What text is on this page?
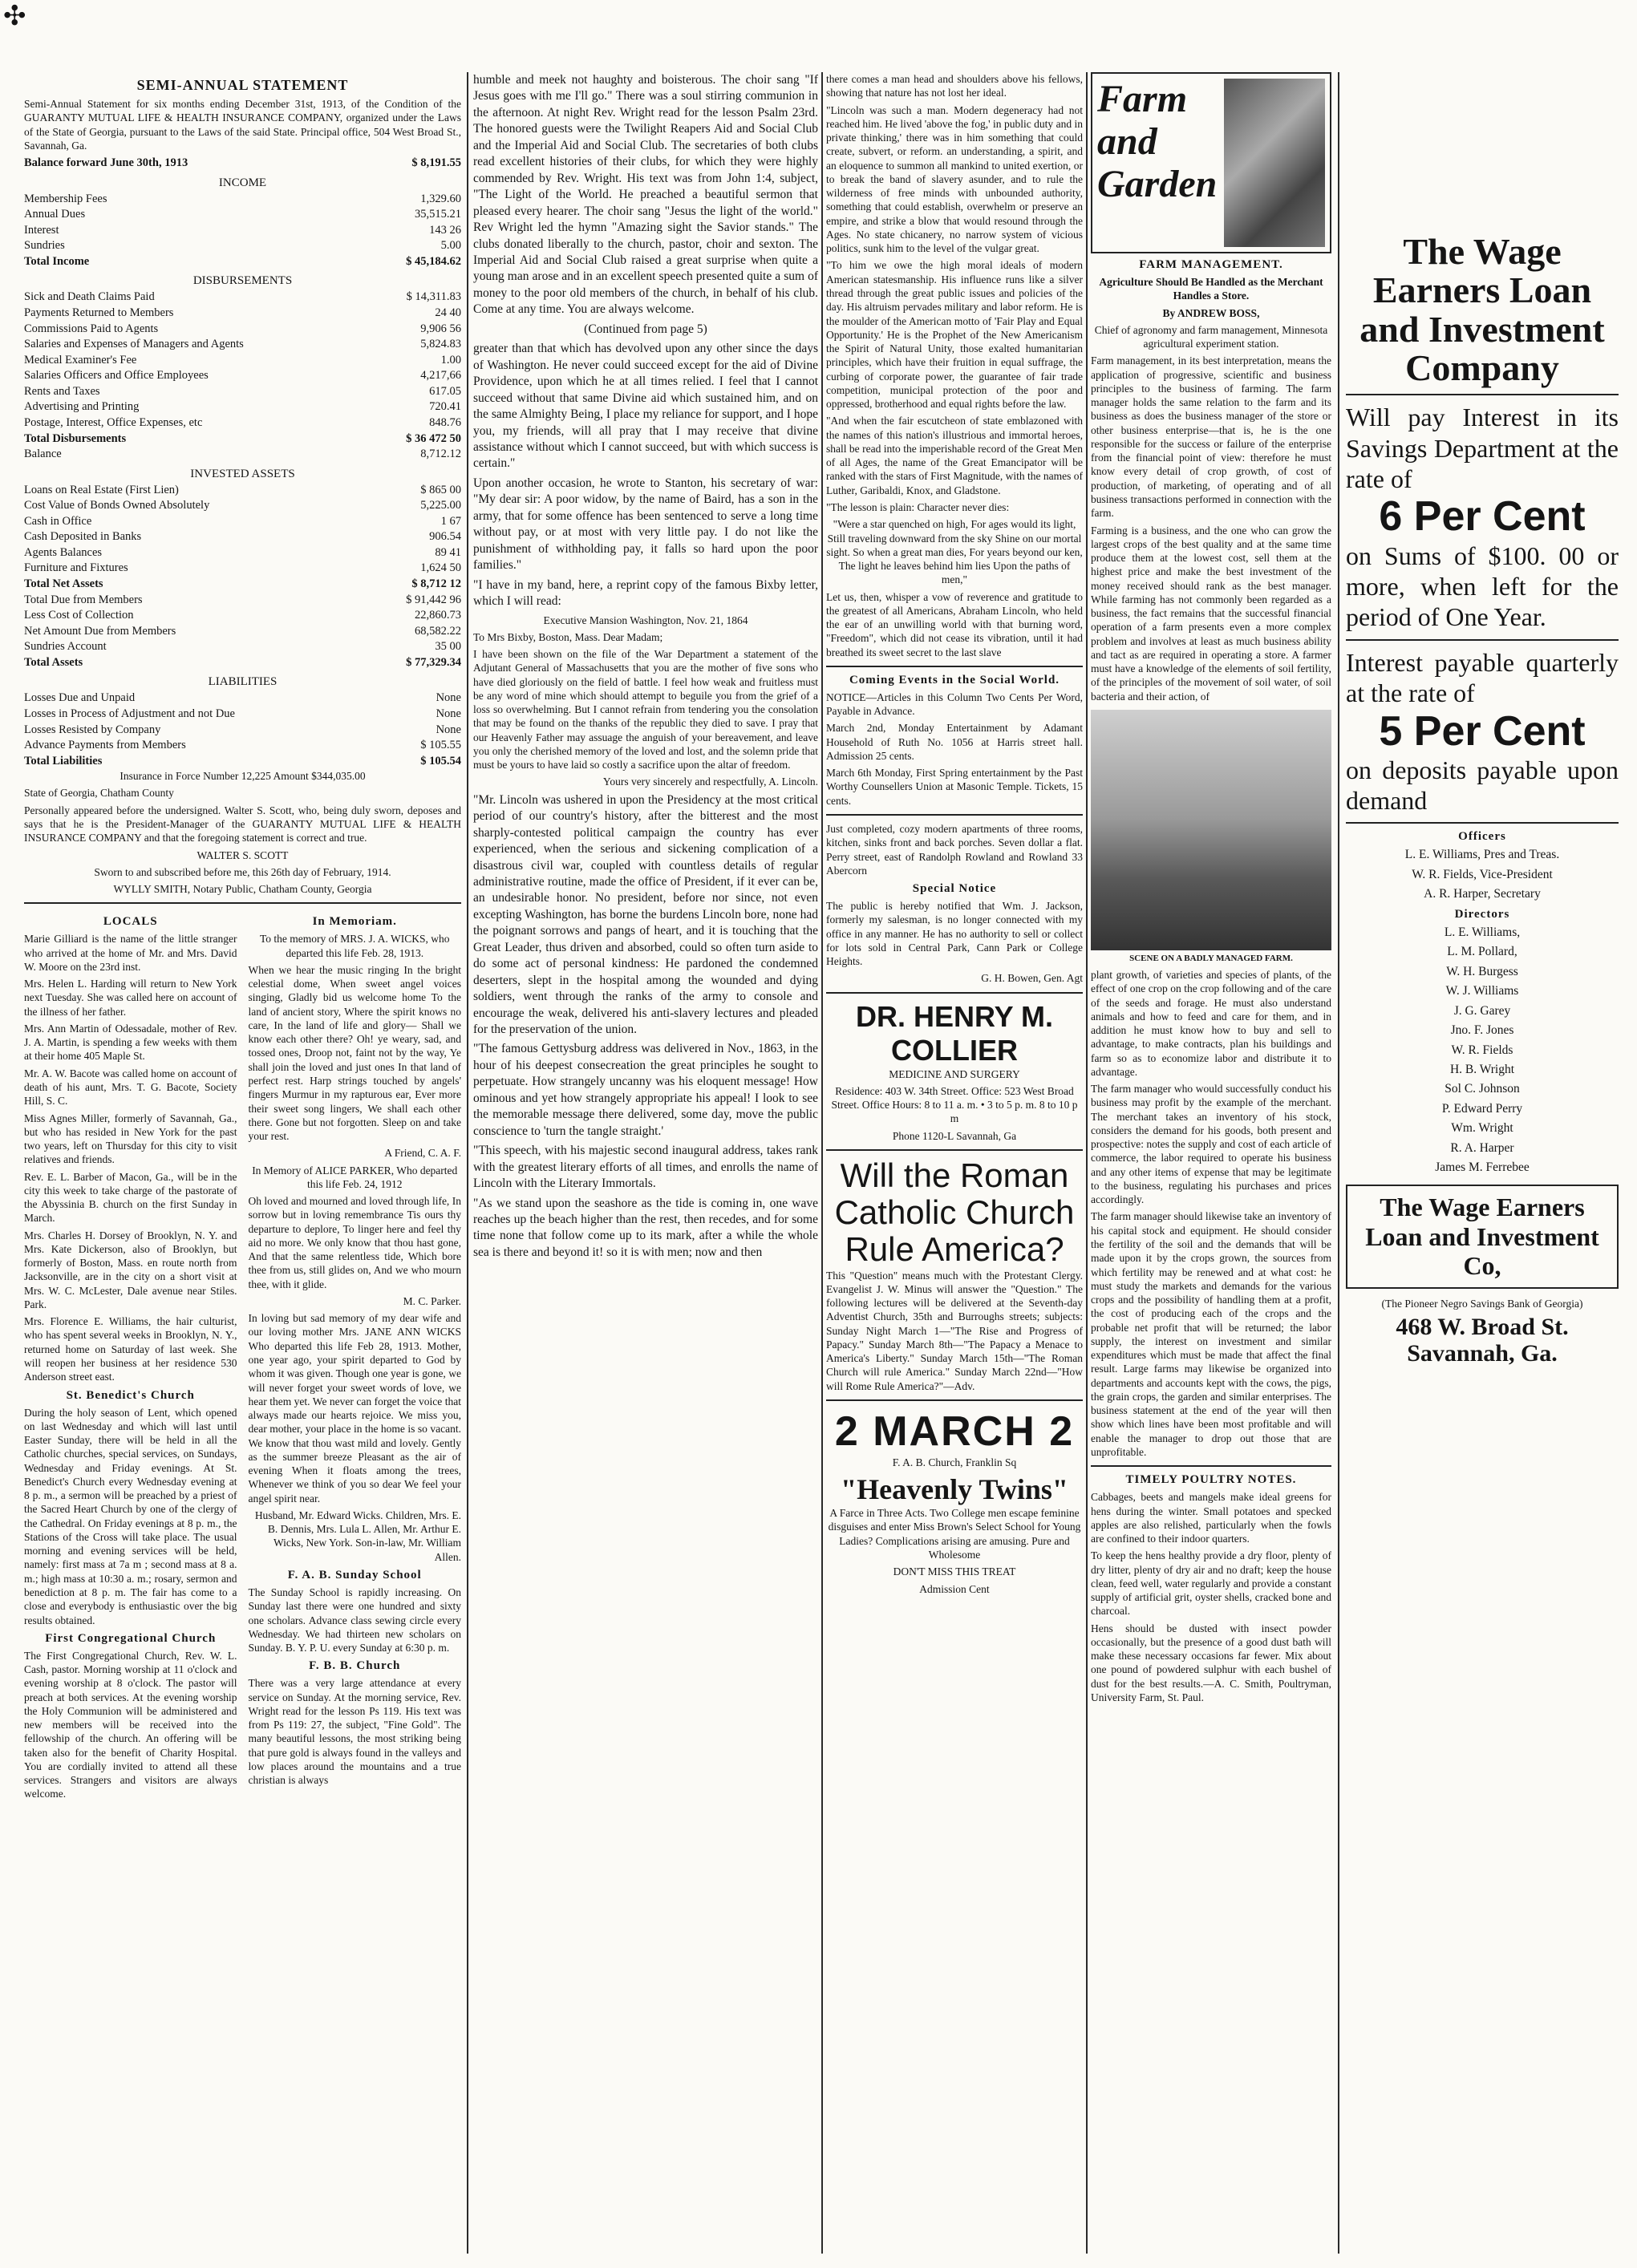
✣
SEMI-ANNUAL STATEMENT
Semi-Annual Statement for six months ending December 31st, 1913, of the Condition of the GUARANTY MUTUAL LIFE & HEALTH INSURANCE COMPANY, organized under the Laws of the State of Georgia, pursuant to the Laws of the said State. Principal office, 504 West Broad St., Savannah, Ga.
Balance forward June 30th, 1913	$ 8,191.55
INCOME
Membership Fees	1,329.60
Annual Dues	35,515.21
Interest	143 26
Sundries	5.00
Total Income	$ 45,184.62
DISBURSEMENTS
Sick and Death Claims Paid	$ 14,311.83
Payments Returned to Members	24 40
Commissions Paid to Agents	9,906 56
Salaries and Expenses of Managers and Agents	5,824.83
Medical Examiner's Fee	1.00
Salaries Officers and Office Employees	4,217,66
Rents and Taxes	617.05
Advertising and Printing	720.41
Postage, Interest, Office Expenses, etc	848.76
Total Disbursements	$ 36 472 50
Balance	8,712.12
INVESTED ASSETS
Loans on Real Estate (First Lien)	$ 865 00
Cost Value of Bonds Owned Absolutely	5,225.00
Cash in Office	1 67
Cash Deposited in Banks	906.54
Agents Balances	89 41
Furniture and Fixtures	1,624 50
Total Net Assets	$ 8,712 12
Total Due from Members	$ 91,442 96
Less Cost of Collection	22,860.73
Net Amount Due from Members	68,582.22
Sundries Account	35 00
Total Assets	$ 77,329.34
LIABILITIES
Losses Due and Unpaid	None
Losses in Process of Adjustment and not Due	None
Losses Resisted by Company	None
Advance Payments from Members	$ 105.55
Total Liabilities	$ 105.54
Insurance in Force Number 12,225 Amount $344,035.00
State of Georgia, Chatham County
Personally appeared before the undersigned. Walter S. Scott, who, being duly sworn, deposes and says that he is the President-Manager of the GUARANTY MUTUAL LIFE & HEALTH INSURANCE COMPANY and that the foregoing statement is correct and true.
WALTER S. SCOTT
Sworn to and subscribed before me, this 26th day of February, 1914.
WYLLY SMITH, Notary Public, Chatham County, Georgia
LOCALS
Marie Gilliard is the name of the little stranger who arrived at the home of Mr. and Mrs. David W. Moore on the 23rd inst.
Mrs. Helen L. Harding will return to New York next Tuesday. She was called here on account of the illness of her father.
Mrs. Ann Martin of Odessadale, mother of Rev. J. A. Martin, is spending a few weeks with them at their home 405 Maple St.
Mr. A. W. Bacote was called home on account of death of his aunt, Mrs. T. G. Bacote, Society Hill, S. C.
Miss Agnes Miller, formerly of Savannah, Ga., but who has resided in New York for the past two years, left on Thursday for this city to visit relatives and friends.
Rev. E. L. Barber of Macon, Ga., will be in the city this week to take charge of the pastorate of the Abyssinia B. church on the first Sunday in March.
Mrs. Charles H. Dorsey of Brooklyn, N. Y. and Mrs. Kate Dickerson, also of Brooklyn, but formerly of Boston, Mass. en route north from Jacksonville, are in the city on a short visit at Mrs. W. C. McLester, Dale avenue near Stiles. Park.
Mrs. Florence E. Williams, the hair culturist, who has spent several weeks in Brooklyn, N. Y., returned home on Saturday of last week. She will reopen her business at her residence 530 Anderson street east.
St. Benedict's Church
During the holy season of Lent, which opened on last Wednesday and which will last until Easter Sunday, there will be held in all the Catholic churches, special services, on Sundays, Wednesday and Friday evenings. At St. Benedict's Church every Wednesday evening at 8 p. m., a sermon will be preached by a priest of the Sacred Heart Church by one of the clergy of the Cathedral. On Friday evenings at 8 p. m., the Stations of the Cross will take place. The usual morning and evening services will be held, namely: first mass at 7a m ; second mass at 8 a. m.; high mass at 10:30 a. m.; rosary, sermon and benediction at 8 p. m. The fair has come to a close and everybody is enthusiastic over the big results obtained.
First Congregational Church
The First Congregational Church, Rev. W. L. Cash, pastor. Morning worship at 11 o'clock and evening worship at 8 o'clock. The pastor will preach at both services. At the evening worship the Holy Communion will be administered and new members will be received into the fellowship of the church. An offering will be taken also for the benefit of Charity Hospital. You are cordially invited to attend all these services. Strangers and visitors are always welcome.
In Memoriam.
To the memory of MRS. J. A. WICKS, who departed this life Feb. 28, 1913.
When we hear the music ringing In the bright celestial dome, When sweet angel voices singing, Gladly bid us welcome home To the land of ancient story, Where the spirit knows no care, In the land of life and glory— Shall we know each other there? Oh! ye weary, sad, and tossed ones, Droop not, faint not by the way, Ye shall join the loved and just ones In that land of perfect rest. Harp strings touched by angels' fingers Murmur in my rapturous ear, Ever more their sweet song lingers, We shall each other there. Gone but not forgotten. Sleep on and take your rest.
A Friend, C. A. F.
In Memory of ALICE PARKER, Who departed this life Feb. 24, 1912
Oh loved and mourned and loved through life, In sorrow but in loving remembrance Tis ours thy departure to deplore, To linger here and feel thy aid no more. We only know that thou hast gone, And that the same relentless tide, Which bore thee from us, still glides on, And we who mourn thee, with it glide.
M. C. Parker.
In loving but sad memory of my dear wife and our loving mother Mrs. JANE ANN WICKS Who departed this life Feb 28, 1913. Mother, one year ago, your spirit departed to God by whom it was given. Though one year is gone, we will never forget your sweet words of love, we hear them yet. We never can forget the voice that always made our hearts rejoice. We miss you, dear mother, your place in the home is so vacant. We know that thou wast mild and lovely. Gently as the summer breeze Pleasant as the air of evening When it floats among the trees, Whenever we think of you so dear We feel your angel spirit near.
Husband, Mr. Edward Wicks. Children, Mrs. E. B. Dennis, Mrs. Lula L. Allen, Mr. Arthur E. Wicks, New York. Son-in-law, Mr. William Allen.
F. A. B. Sunday School
The Sunday School is rapidly increasing. On Sunday last there were one hundred and sixty one scholars. Advance class sewing circle every Wednesday. We had thirteen new scholars on Sunday. B. Y. P. U. every Sunday at 6:30 p. m.
F. B. B. Church
There was a very large attendance at every service on Sunday. At the morning service, Rev. Wright read for the lesson Ps 119. His text was from Ps 119: 27, the subject, "Fine Gold". The many beautiful lessons, the most striking being that pure gold is always found in the valleys and low places around the mountains and a true christian is always
humble and meek not haughty and boisterous. The choir sang "If Jesus goes with me I'll go." There was a soul stirring communion in the afternoon. At night Rev. Wright read for the lesson Psalm 23rd. The honored guests were the Twilight Reapers Aid and Social Club and the Imperial Aid and Social Club. The secretaries of both clubs read excellent histories of their clubs, for which they were highly commended by Rev. Wright. His text was from John 1:4, subject, "The Light of the World. He preached a beautiful sermon that pleased every hearer. The choir sang "Jesus the light of the world." Rev Wright led the hymn "Amazing sight the Savior stands." The clubs donated liberally to the church, pastor, choir and sexton. The Imperial Aid and Social Club raised a great surprise when quite a young man arose and in an excellent speech presented quite a sum of money to the poor old members of the church, in behalf of his club. Come at any time. You are always welcome.
(Continued from page 5)
greater than that which has devolved upon any other since the days of Washington. He never could succeed except for the aid of Divine Providence, upon which he at all times relied. I feel that I cannot succeed without that same Divine aid which sustained him, and on the same Almighty Being, I place my reliance for support, and I hope you, my friends, will all pray that I may receive that divine assistance without which I cannot succeed, but with which success is certain."
Upon another occasion, he wrote to Stanton, his secretary of war: "My dear sir: A poor widow, by the name of Baird, has a son in the army, that for some offence has been sentenced to serve a long time without pay, or at most with very little pay. I do not like the punishment of withholding pay, it falls so hard upon the poor families."
"I have in my band, here, a reprint copy of the famous Bixby letter, which I will read:
Executive Mansion Washington, Nov. 21, 1864
To Mrs Bixby, Boston, Mass. Dear Madam;
I have been shown on the file of the War Department a statement of the Adjutant General of Massachusetts that you are the mother of five sons who have died gloriously on the field of battle. I feel how weak and fruitless must be any word of mine which should attempt to beguile you from the grief of a loss so overwhelming. But I cannot refrain from tendering you the consolation that may be found on the thanks of the republic they died to save. I pray that our Heavenly Father may assuage the anguish of your bereavement, and leave you only the cherished memory of the loved and lost, and the solemn pride that must be yours to have laid so costly a sacrifice upon the altar of freedom.
Yours very sincerely and respectfully, A. Lincoln.
"Mr. Lincoln was ushered in upon the Presidency at the most critical period of our country's history, after the bitterest and the most sharply-contested political campaign the country has ever experienced, when the serious and sickening complication of a disastrous civil war, coupled with countless details of regular administrative routine, made the office of President, if it ever can be, an undesirable honor. No president, before nor since, not even excepting Washington, has borne the burdens Lincoln bore, none had the poignant sorrows and pangs of heart, and it is touching that the Great Leader, thus driven and absorbed, could so often turn aside to do some act of personal kindness: He pardoned the condemned deserters, slept in the hospital among the wounded and dying soldiers, went through the ranks of the army to console and encourage the weak, delivered his anti-slavery lectures and pleaded for the preservation of the union.
"The famous Gettysburg address was delivered in Nov., 1863, in the hour of his deepest consecreation the great principles he sought to perpetuate. How strangely uncanny was his eloquent message! How ominous and yet how strangely appropriate his appeal! I look to see the memorable message there delivered, some day, move the public conscience to 'turn the tangle straight.'
"This speech, with his majestic second inaugural address, takes rank with the greatest literary efforts of all times, and enrolls the name of Lincoln with the Literary Immortals.
"As we stand upon the seashore as the tide is coming in, one wave reaches up the beach higher than the rest, then recedes, and for some time none that follow come up to its mark, after a while the whole sea is there and beyond it! so it is with men; now and then
there comes a man head and shoulders above his fellows, showing that nature has not lost her ideal.
"Lincoln was such a man. Modern degeneracy had not reached him. He lived 'above the fog,' in public duty and in private thinking,' there was in him something that could create, subvert, or reform. an understanding, a spirit, and an eloquence to summon all mankind to united exertion, or to break the band of slavery asunder, and to rule the wilderness of free minds with unbounded authority, something that could establish, overwhelm or preserve an empire, and strike a blow that would resound through the Ages. No state chicanery, no narrow system of vicious politics, sunk him to the level of the vulgar great.
"To him we owe the high moral ideals of modern American statesmanship. His influence runs like a silver thread through the great public issues and policies of the day. His altruism pervades military and labor reform. He is the moulder of the American motto of 'Fair Play and Equal Opportunity.' He is the Prophet of the New Americanism the Spirit of Natural Unity, those exalted humanitarian principles, which have their fruition in equal suffrage, the curbing of corporate power, the guarantee of fair trade competition, municipal protection of the poor and oppressed, brotherhood and equal rights before the law.
"And when the fair escutcheon of state emblazoned with the names of this nation's illustrious and immortal heroes, shall be read into the imperishable record of the Great Men of all Ages, the name of the Great Emancipator will be ranked with the stars of First Magnitude, with the names of Luther, Garibaldi, Knox, and Gladstone.
"The lesson is plain: Character never dies:
"Were a star quenched on high, For ages would its light, Still traveling downward from the sky Shine on our mortal sight. So when a great man dies, For years beyond our ken, The light he leaves behind him lies Upon the paths of men,"
Let us, then, whisper a vow of reverence and gratitude to the greatest of all Americans, Abraham Lincoln, who held the ear of an unwilling world with that burning word, "Freedom", which did not cease its vibration, until it had breathed its sweet secret to the last slave
Coming Events in the Social World.
NOTICE—Articles in this Column Two Cents Per Word, Payable in Advance.
March 2nd, Monday Entertainment by Adamant Household of Ruth No. 1056 at Harris street hall. Admission 25 cents.
March 6th Monday, First Spring entertainment by the Past Worthy Counsellers Union at Masonic Temple. Tickets, 15 cents.
Just completed, cozy modern apartments of three rooms, kitchen, sinks front and back porches. Seven dollar a flat. Perry street, east of Randolph Rowland and Rowland 33 Abercorn
Special Notice
The public is hereby notified that Wm. J. Jackson, formerly my salesman, is no longer connected with my office in any manner. He has no authority to sell or collect for lots sold in Central Park, Cann Park or College Heights.
G. H. Bowen, Gen. Agt
DR. HENRY M. COLLIER
MEDICINE AND SURGERY
Residence: 403 W. 34th Street. Office: 523 West Broad Street. Office Hours: 8 to 11 a. m. • 3 to 5 p. m. 8 to 10 p m
Phone 1120-L Savannah, Ga
Will the Roman Catholic Church Rule America?
This "Question" means much with the Protestant Clergy. Evangelist J. W. Minus will answer the "Question." The following lectures will be delivered at the Seventh-day Adventist Church, 35th and Burroughs streets; subjects: Sunday Night March 1—"The Rise and Progress of Papacy." Sunday March 8th—"The Papacy a Menace to America's Liberty." Sunday March 15th—"The Roman Church will rule America." Sunday March 22nd—"How will Rome Rule America?"—Adv.
2 MARCH 2
F. A. B. Church, Franklin Sq
"Heavenly Twins"
A Farce in Three Acts. Two College men escape feminine disguises and enter Miss Brown's Select School for Young Ladies? Complications arising are amusing. Pure and Wholesome
DON'T MISS THIS TREAT
Admission Cent
Farm and Garden
FARM MANAGEMENT.
Agriculture Should Be Handled as the Merchant Handles a Store.
By ANDREW BOSS,
Chief of agronomy and farm management, Minnesota agricultural experiment station.
Farm management, in its best interpretation, means the application of progressive, scientific and business principles to the business of farming. The farm manager holds the same relation to the farm and its business as does the business manager of the store or other business enterprise—that is, he is the one responsible for the success or failure of the enterprise from the financial point of view: therefore he must know every detail of crop growth, of cost of production, of marketing, of operating and of all business transactions performed in connection with the farm.
Farming is a business, and the one who can grow the largest crops of the best quality and at the same time produce them at the lowest cost, sell them at the highest price and make the best investment of the money received should rank as the best manager. While farming has not commonly been regarded as a business, the fact remains that the successful financial operation of a farm presents even a more complex problem and involves at least as much business ability and tact as are required in operating a store. A farmer must have a knowledge of the elements of soil fertility, of the principles of the movement of soil water, of soil bacteria and their action, of
SCENE ON A BADLY MANAGED FARM.
plant growth, of varieties and species of plants, of the effect of one crop on the crop following and of the care of the seeds and forage. He must also understand animals and how to feed and care for them, and in addition he must know how to buy and sell to advantage, to make contracts, plan his buildings and farm so as to economize labor and distribute it to advantage.
The farm manager who would successfully conduct his business may profit by the example of the merchant. The merchant takes an inventory of his stock, considers the demand for his goods, both present and prospective: notes the supply and cost of each article of commerce, the labor required to operate his business and any other items of expense that may be legitimate to the business, regulating his purchases and prices accordingly.
The farm manager should likewise take an inventory of his capital stock and equipment. He should consider the fertility of the soil and the demands that will be made upon it by the crops grown, the sources from which fertility may be renewed and at what cost: he must study the markets and demands for the various crops and the possibility of handling them at a profit, the cost of producing each of the crops and the probable net profit that will be returned; the labor supply, the interest on investment and similar expenditures which must be made that affect the final result. Large farms may likewise be organized into departments and accounts kept with the cows, the pigs, the grain crops, the garden and similar enterprises. The business statement at the end of the year will then show which lines have been most profitable and will enable the manager to drop out those that are unprofitable.
TIMELY POULTRY NOTES.
Cabbages, beets and mangels make ideal greens for hens during the winter. Small potatoes and specked apples are also relished, particularly when the fowls are confined to their indoor quarters.
To keep the hens healthy provide a dry floor, plenty of dry litter, plenty of dry air and no draft; keep the house clean, feed well, water regularly and provide a constant supply of artificial grit, oyster shells, cracked bone and charcoal.
Hens should be dusted with insect powder occasionally, but the presence of a good dust bath will make these necessary occasions far fewer. Mix about one pound of powdered sulphur with each bushel of dust for the best results.—A. C. Smith, Poultryman, University Farm, St. Paul.
The Wage Earners Loan and Investment Company
Will pay Interest in its Savings Department at the rate of
6 Per Cent
on Sums of $100. 00 or more, when left for the period of One Year.
Interest payable quarterly at the rate of
5 Per Cent
on deposits payable upon demand
Officers
L. E. Williams, Pres and Treas.
W. R. Fields, Vice-President
A. R. Harper, Secretary
Directors
L. E. Williams,
L. M. Pollard,
W. H. Burgess
W. J. Williams
J. G. Garey
Jno. F. Jones
W. R. Fields
H. B. Wright
Sol C. Johnson
P. Edward Perry
Wm. Wright
R. A. Harper
James M. Ferrebee
The Wage Earners Loan and Investment Co,
(The Pioneer Negro Savings Bank of Georgia)
468 W. Broad St. Savannah, Ga.
